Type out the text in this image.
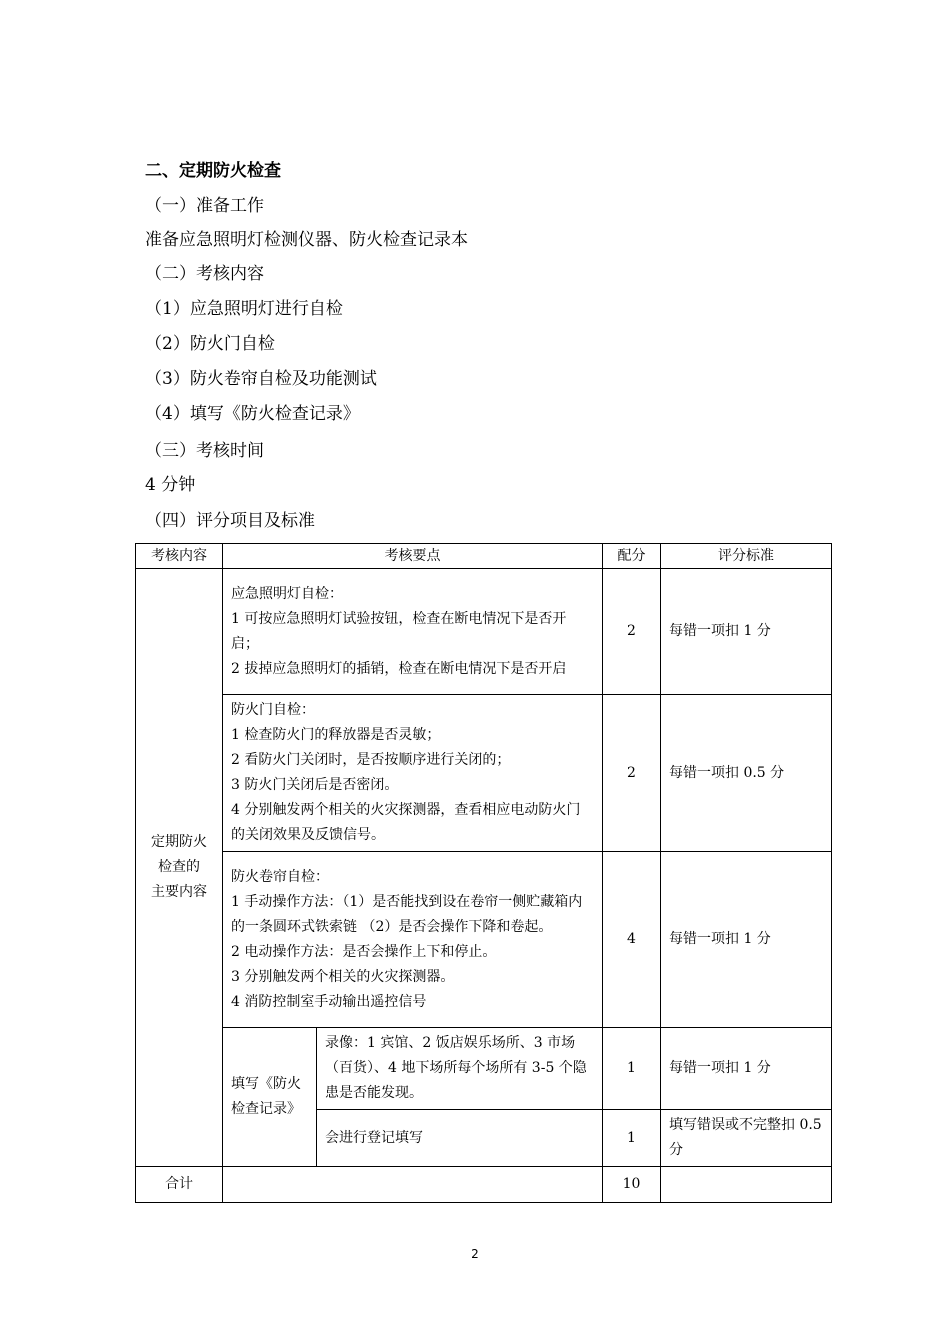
二、定期防火检查
（一）准备工作
准备应急照明灯检测仪器、防火检查记录本
（二）考核内容
（1）应急照明灯进行自检
（2）防火门自检
（3）防火卷帘自检及功能测试
（4）填写《防火检查记录》
（三）考核时间
4 分钟
（四）评分项目及标准
考核内容	考核要点		配分	评分标准

定期防火
检查的
主要内容	应急照明灯自检：
1 可按应急照明灯试验按钮，检查在断电情况下是否开启；
2 拔掉应急照明灯的插销，检查在断电情况下是否开启		2	每错一项扣 1 分

	防火门自检：
1 检查防火门的释放器是否灵敏；
2 看防火门关闭时，是否按顺序进行关闭的；
3 防火门关闭后是否密闭。
4 分别触发两个相关的火灾探测器，查看相应电动防火门的关闭效果及反馈信号。		2	每错一项扣 0.5 分

	防火卷帘自检：
1 手动操作方法：（1）是否能找到设在卷帘一侧贮藏箱内的一条圆环式铁索链 （2）是否会操作下降和卷起。
2 电动操作方法：是否会操作上下和停止。
3 分别触发两个相关的火灾探测器。
4 消防控制室手动输出遥控信号		4	每错一项扣 1 分
	填写《防火检查记录》	录像：1 宾馆、2 饭店娱乐场所、3 市场（百货）、4 地下场所每个场所有 3-5 个隐患是否能发现。	1	每错一项扣 1 分
		会进行登记填写	1	填写错误或不完整扣 0.5 分
合计			10	
2
